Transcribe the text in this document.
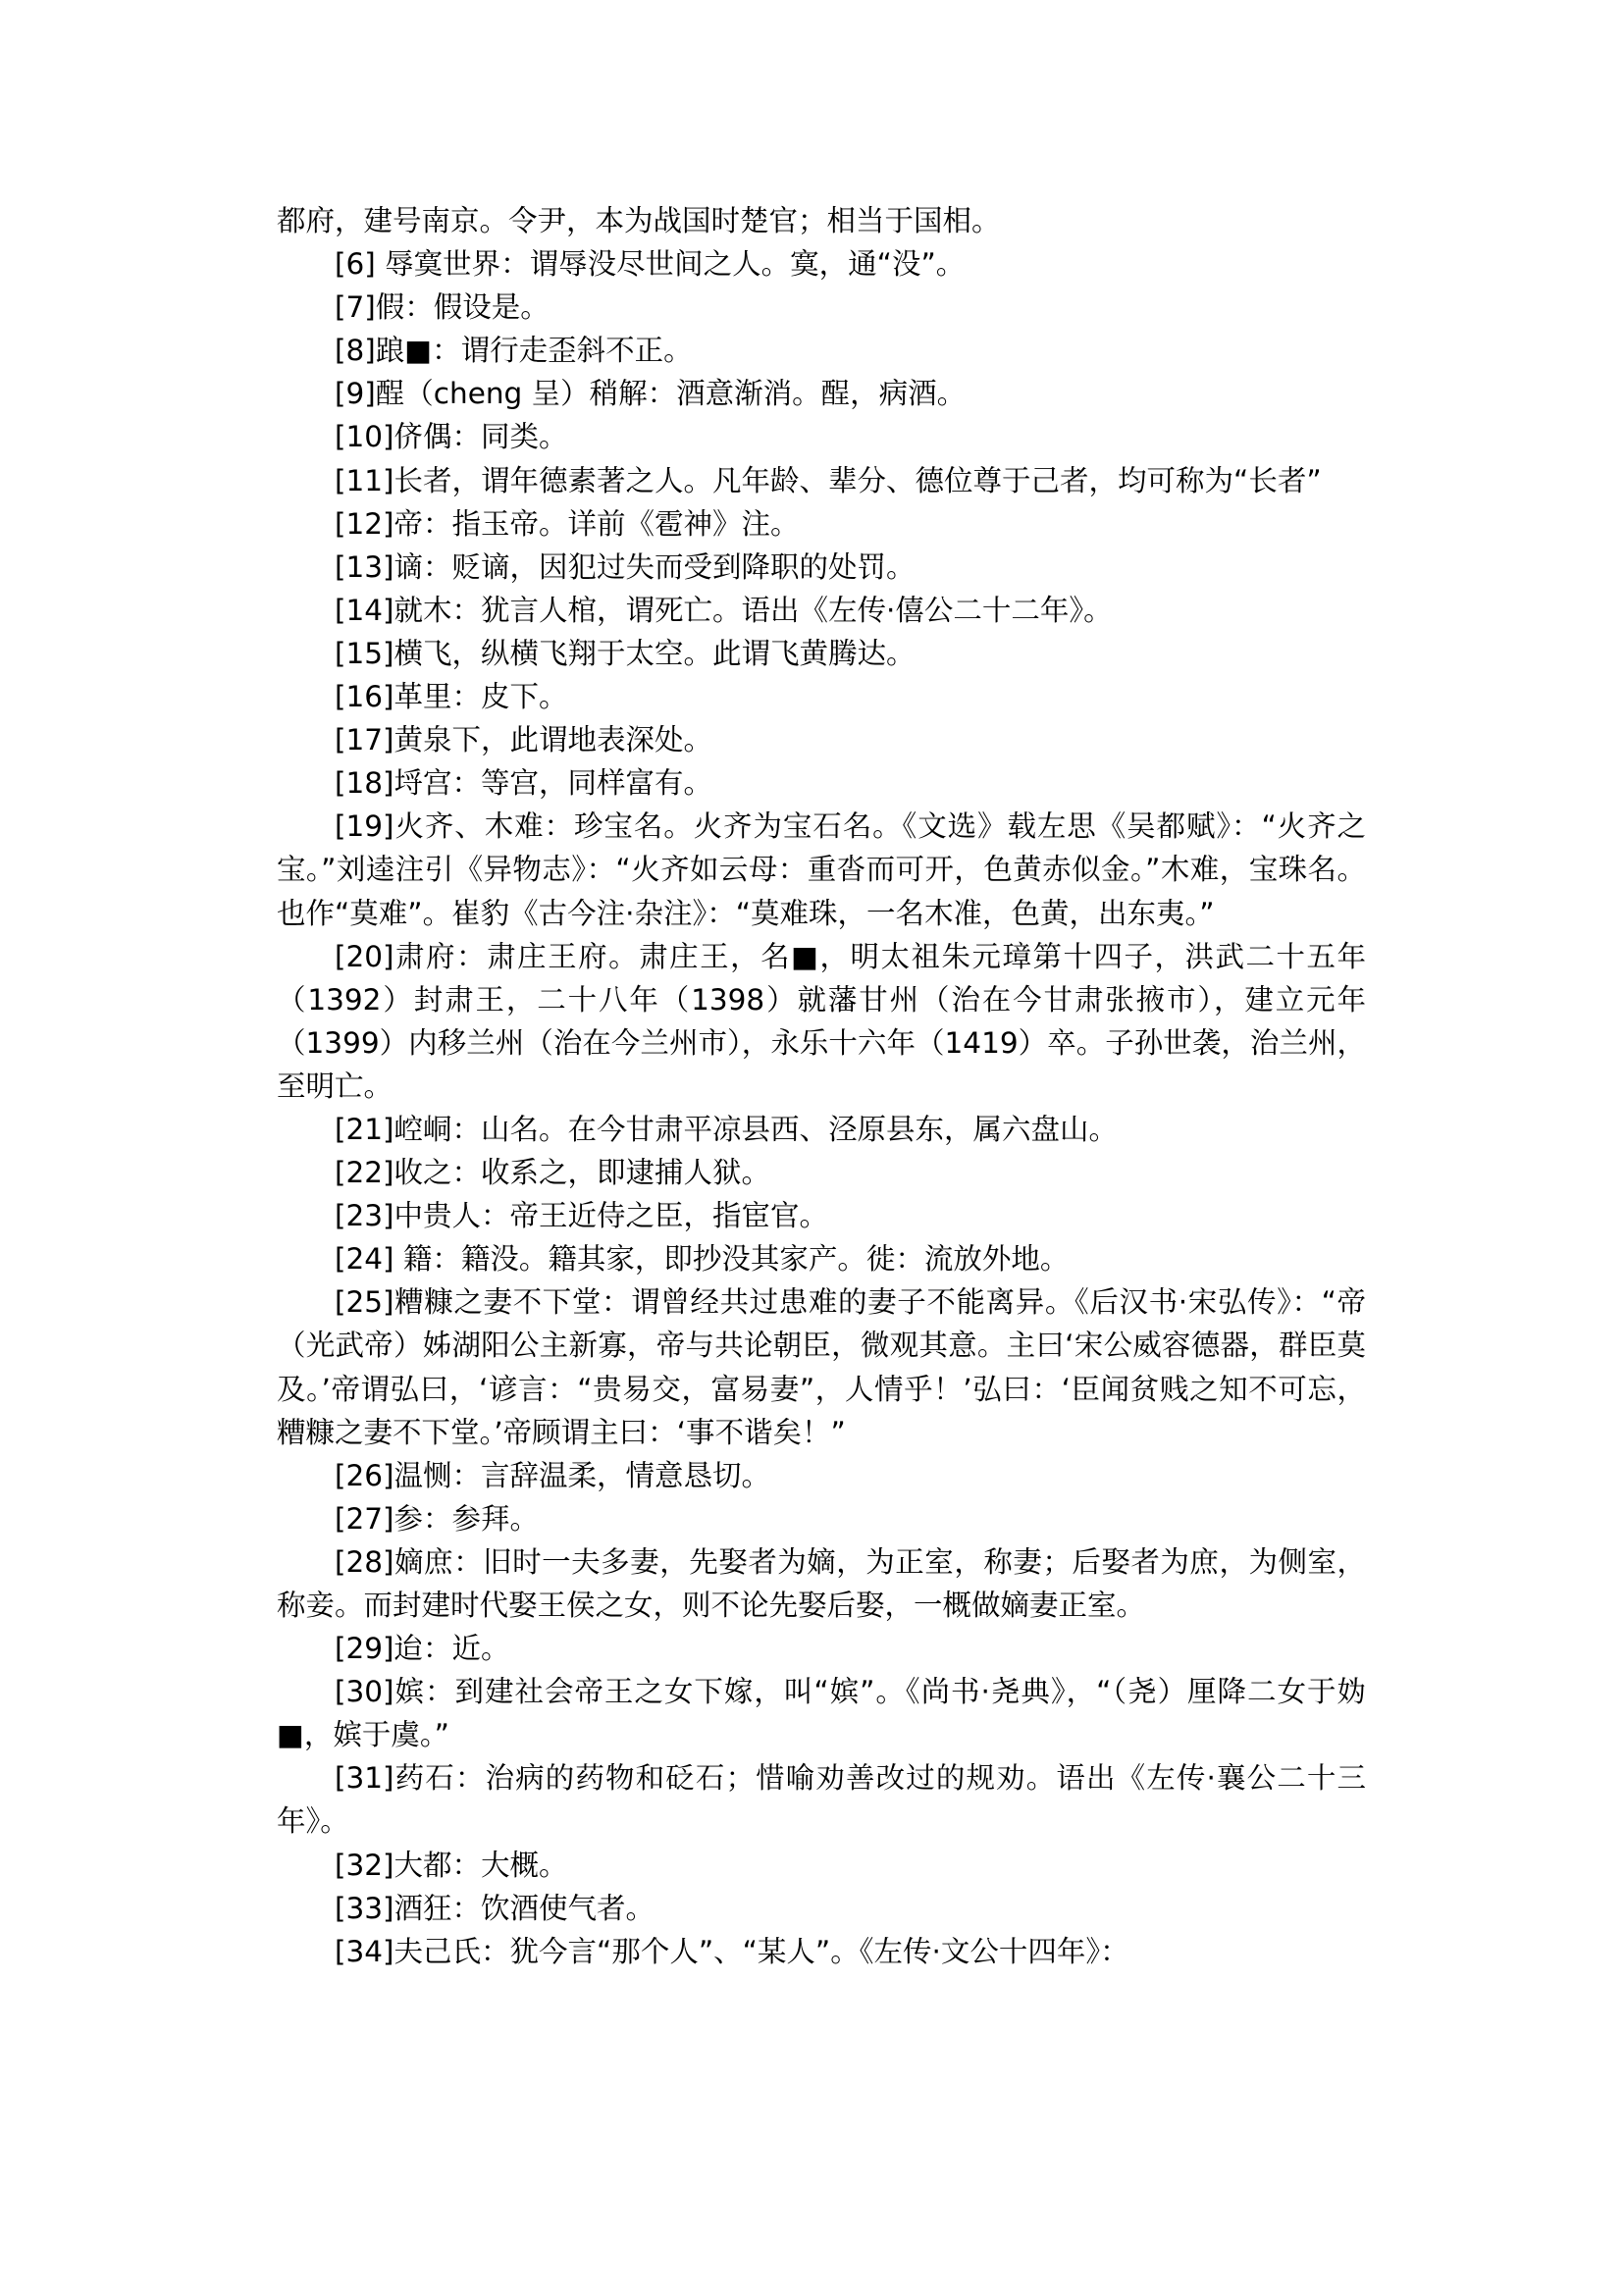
都府，建号南京。令尹，本为战国时楚官；相当于国相。

[6] 辱寞世界：谓辱没尽世间之人。寞，通“没”。

[7]假：假设是。

[8]踉■：谓行走歪斜不正。

[9]酲（cheng 呈）稍解：酒意渐消。酲，病酒。

[10]侪偶：同类。

[11]长者，谓年德素著之人。凡年龄、辈分、德位尊于己者，均可称为“长者”

[12]帝：指玉帝。详前《雹神》注。

[13]谪：贬谪，因犯过失而受到降职的处罚。

[14]就木：犹言人棺，谓死亡。语出《左传·僖公二十二年》。

[15]横飞，纵横飞翔于太空。此谓飞黄腾达。

[16]革里：皮下。

[17]黄泉下，此谓地表深处。

[18]埒宫：等宫，同样富有。

[19]火齐、木难：珍宝名。火齐为宝石名。《文选》载左思《吴都赋》：“火齐之宝。”刘逵注引《异物志》：“火齐如云母：重沓而可开，色黄赤似金。”木难，宝珠名。也作“莫难”。崔豹《古今注·杂注》：“莫难珠，一名木准，色黄，出东夷。”

[20]肃府：肃庄王府。肃庄王，名■，明太祖朱元璋第十四子，洪武二十五年（1392）封肃王，二十八年（1398）就藩甘州（治在今甘肃张掖市），建立元年（1399）内移兰州（治在今兰州市），永乐十六年（1419）卒。子孙世袭，治兰州，至明亡。

[21]崆峒：山名。在今甘肃平凉县西、泾原县东，属六盘山。

[22]收之：收系之，即逮捕人狱。

[23]中贵人：帝王近侍之臣，指宦官。

[24] 籍：籍没。籍其家，即抄没其家产。徙：流放外地。

[25]糟糠之妻不下堂：谓曾经共过患难的妻子不能离异。《后汉书·宋弘传》：“帝（光武帝）姊湖阳公主新寡，帝与共论朝臣，微观其意。主曰‘宋公威容德器，群臣莫及。’帝谓弘曰，‘谚言：“贵易交，富易妻”，人情乎！’弘曰：‘臣闻贫贱之知不可忘，糟糠之妻不下堂。’帝顾谓主曰：‘事不谐矣！”

[26]温恻：言辞温柔，情意恳切。

[27]参：参拜。

[28]嫡庶：旧时一夫多妻，先娶者为嫡，为正室，称妻；后娶者为庶，为侧室，称妾。而封建时代娶王侯之女，则不论先娶后娶，一概做嫡妻正室。

[29]迨：近。

[30]嫔：到建社会帝王之女下嫁，叫“嫔”。《尚书·尧典》，“（尧）厘降二女于妫■，嫔于虞。”

[31]药石：治病的药物和砭石；惜喻劝善改过的规劝。语出《左传·襄公二十三年》。

[32]大都：大概。

[33]酒狂：饮酒使气者。

[34]夫己氏：犹今言“那个人”、“某人”。《左传·文公十四年》：
